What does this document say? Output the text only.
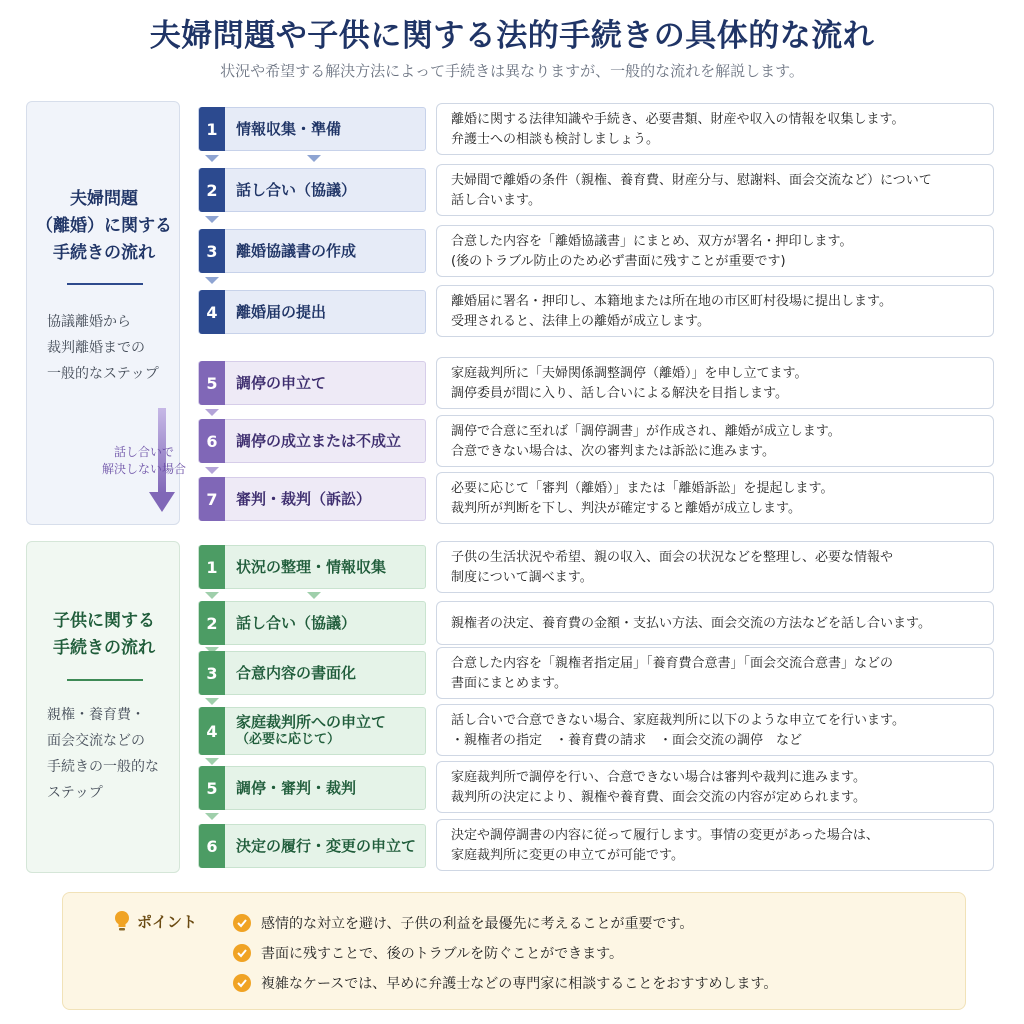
夫婦問題や子供に関する法的手続きの具体的な流れ
状況や希望する解決方法によって手続きは異なりますが、一般的な流れを解説します。
夫婦問題
（離婚）に関する
手続きの流れ
協議離婚から
裁判離婚までの
一般的なステップ
話し合いで
解決しない場合
1	情報収集・準備
離婚に関する法律知識や手続き、必要書類、財産や収入の情報を収集します。
弁護士への相談も検討しましょう。
2	話し合い（協議）
夫婦間で離婚の条件（親権、養育費、財産分与、慰謝料、面会交流など）について
話し合います。
3	離婚協議書の作成
合意した内容を「離婚協議書」にまとめ、双方が署名・押印します。
(後のトラブル防止のため必ず書面に残すことが重要です)
4	離婚届の提出
離婚届に署名・押印し、本籍地または所在地の市区町村役場に提出します。
受理されると、法律上の離婚が成立します。
5	調停の申立て
家庭裁判所に「夫婦関係調整調停（離婚）」を申し立てます。
調停委員が間に入り、話し合いによる解決を目指します。
6	調停の成立または不成立
調停で合意に至れば「調停調書」が作成され、離婚が成立します。
合意できない場合は、次の審判または訴訟に進みます。
7	審判・裁判（訴訟）
必要に応じて「審判（離婚）」または「離婚訴訟」を提起します。
裁判所が判断を下し、判決が確定すると離婚が成立します。
子供に関する
手続きの流れ
親権・養育費・
面会交流などの
手続きの一般的な
ステップ
1	状況の整理・情報収集
子供の生活状況や希望、親の収入、面会の状況などを整理し、必要な情報や
制度について調べます。
2	話し合い（協議）	親権者の決定、養育費の金額・支払い方法、面会交流の方法などを話し合います。
3	合意内容の書面化
合意した内容を「親権者指定届」「養育費合意書」「面会交流合意書」などの
書面にまとめます。
4	家庭裁判所への申立て
（必要に応じて）
話し合いで合意できない場合、家庭裁判所に以下のような申立てを行います。
・親権者の指定　・養育費の請求　・面会交流の調停　など
5	調停・審判・裁判
家庭裁判所で調停を行い、合意できない場合は審判や裁判に進みます。
裁判所の決定により、親権や養育費、面会交流の内容が定められます。
6	決定の履行・変更の申立て
決定や調停調書の内容に従って履行します。事情の変更があった場合は、
家庭裁判所に変更の申立てが可能です。
ポイント	感情的な対立を避け、子供の利益を最優先に考えることが重要です。
書面に残すことで、後のトラブルを防ぐことができます。
複雑なケースでは、早めに弁護士などの専門家に相談することをおすすめします。
